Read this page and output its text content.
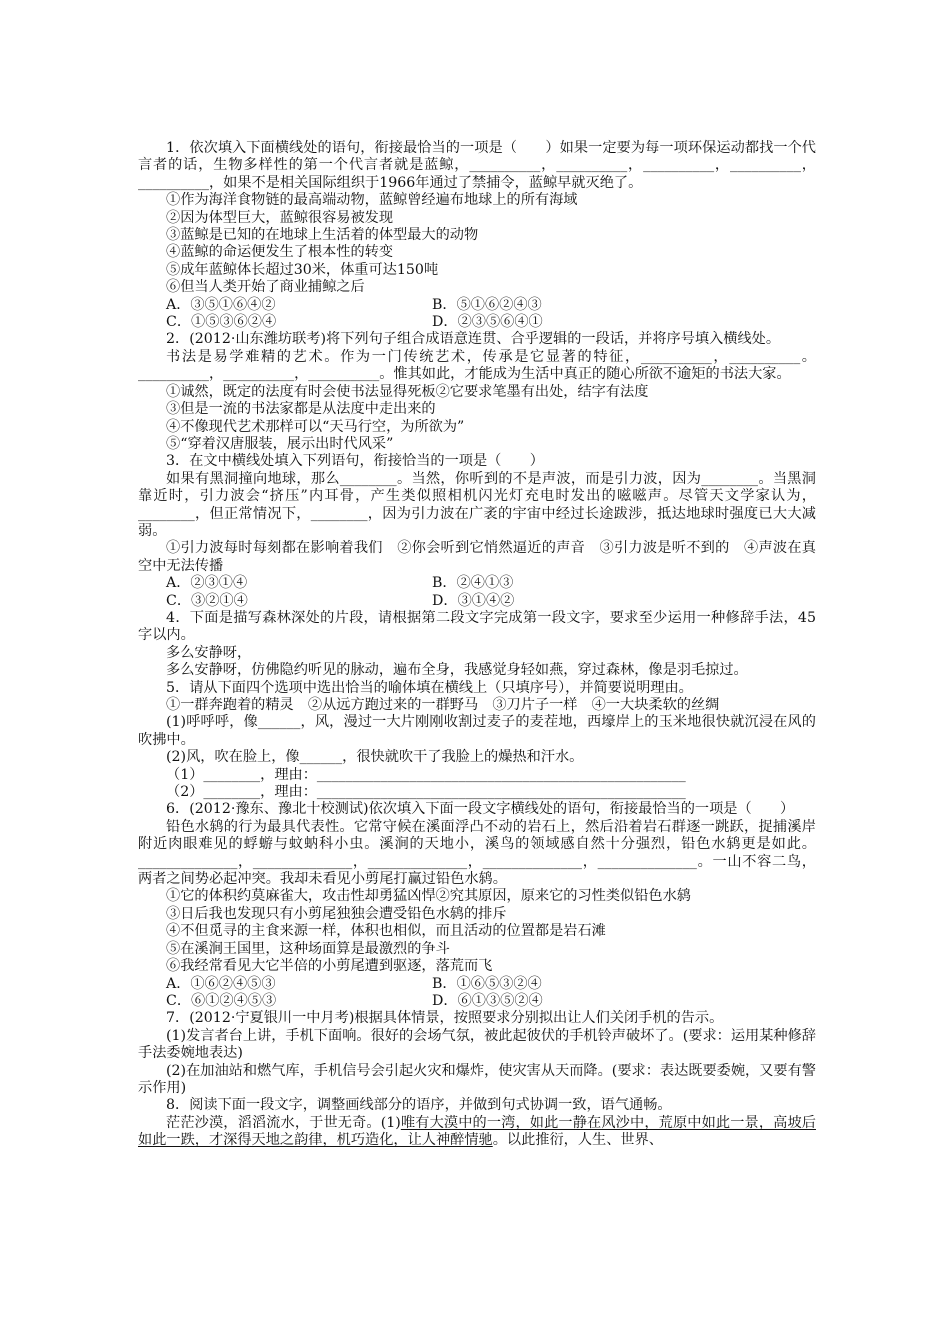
1．依次填入下面横线处的语句，衔接最恰当的一项是（　　）如果一定要为每一项环保运动都找一个代言者的话，生物多样性的第一个代言者就是蓝鲸，__________，__________，__________，__________，__________，如果不是相关国际组织于1966年通过了禁捕令，蓝鲸早就灭绝了。

①作为海洋食物链的最高端动物，蓝鲸曾经遍布地球上的所有海域

②因为体型巨大，蓝鲸很容易被发现

③蓝鲸是已知的在地球上生活着的体型最大的动物

④蓝鲸的命运便发生了根本性的转变

⑤成年蓝鲸体长超过30米，体重可达150吨

⑥但当人类开始了商业捕鲸之后

A．③⑤①⑥④②	B．⑤①⑥②④③
C．①⑤③⑥②④	D．②③⑤⑥④①

2．(2012·山东潍坊联考)将下列句子组合成语意连贯、合乎逻辑的一段话，并将序号填入横线处。

书法是易学难精的艺术。作为一门传统艺术，传承是它显著的特征，__________，__________。__________，__________，__________。惟其如此，才能成为生活中真正的随心所欲不逾矩的书法大家。

①诚然，既定的法度有时会使书法显得死板②它要求笔墨有出处，结字有法度

③但是一流的书法家都是从法度中走出来的

④不像现代艺术那样可以“天马行空，为所欲为”

⑤“穿着汉唐服装，展示出时代风采”

3．在文中横线处填入下列语句，衔接恰当的一项是（　　）

如果有黑洞撞向地球，那么________。当然，你听到的不是声波，而是引力波，因为________。当黑洞靠近时，引力波会“挤压”内耳骨，产生类似照相机闪光灯充电时发出的嗞嗞声。尽管天文学家认为，________，但正常情况下，________，因为引力波在广袤的宇宙中经过长途跋涉，抵达地球时强度已大大减弱。

①引力波每时每刻都在影响着我们　②你会听到它悄然逼近的声音　③引力波是听不到的　④声波在真空中无法传播

A．②③①④	B．②④①③
C．③②①④	D．③①④②

4．下面是描写森林深处的片段，请根据第二段文字完成第一段文字，要求至少运用一种修辞手法，45字以内。

多么安静呀，

多么安静呀，仿佛隐约听见的脉动，遍布全身，我感觉身轻如燕，穿过森林，像是羽毛掠过。

5．请从下面四个选项中选出恰当的喻体填在横线上（只填序号），并简要说明理由。

①一群奔跑着的精灵　②从远方跑过来的一群野马　③刀片子一样　④一大块柔软的丝绸

(1)呼呼呼，像______，风，漫过一大片刚刚收割过麦子的麦茬地，西壕岸上的玉米地很快就沉浸在风的吹拂中。

(2)风，吹在脸上，像______，很快就吹干了我脸上的燥热和汗水。

（1）________，理由：____________________________________________________

（2）________，理由：____________________________________________________

6．(2012·豫东、豫北十校测试)依次填入下面一段文字横线处的语句，衔接最恰当的一项是（　　）

铅色水鸫的行为最具代表性。它常守候在溪面浮凸不动的岩石上，然后沿着岩石群逐一跳跃，捉捕溪岸附近肉眼难见的蜉蝣与蚊蚋科小虫。溪涧的天地小，溪鸟的领域感自然十分强烈，铅色水鸫更是如此。______________，______________，______________，______________，______________。一山不容二鸟，两者之间势必起冲突。我却未看见小剪尾打赢过铅色水鸫。

①它的体积约莫麻雀大，攻击性却勇猛凶悍②究其原因，原来它的习性类似铅色水鸫

③日后我也发现只有小剪尾独独会遭受铅色水鸫的排斥

④不但觅寻的主食来源一样，体积也相似，而且活动的位置都是岩石滩

⑤在溪涧王国里，这种场面算是最激烈的争斗

⑥我经常看见大它半倍的小剪尾遭到驱逐，落荒而飞

A．①⑥②④⑤③	B．①⑥⑤③②④
C．⑥①②④⑤③	D．⑥①③⑤②④

7．(2012·宁夏银川一中月考)根据具体情景，按照要求分别拟出让人们关闭手机的告示。

(1)发言者台上讲，手机下面响。很好的会场气氛，被此起彼伏的手机铃声破坏了。(要求：运用某种修辞手法委婉地表达)

(2)在加油站和燃气库，手机信号会引起火灾和爆炸，使灾害从天而降。(要求：表达既要委婉，又要有警示作用)

8．阅读下面一段文字，调整画线部分的语序，并做到句式协调一致，语气通畅。

茫茫沙漠，滔滔流水，于世无奇。(1)唯有大漠中的一湾，如此一静在风沙中，荒原中如此一景，高坡后如此一跌，才深得天地之韵律，机巧造化，让人神醉情驰。以此推衍，人生、世界、
